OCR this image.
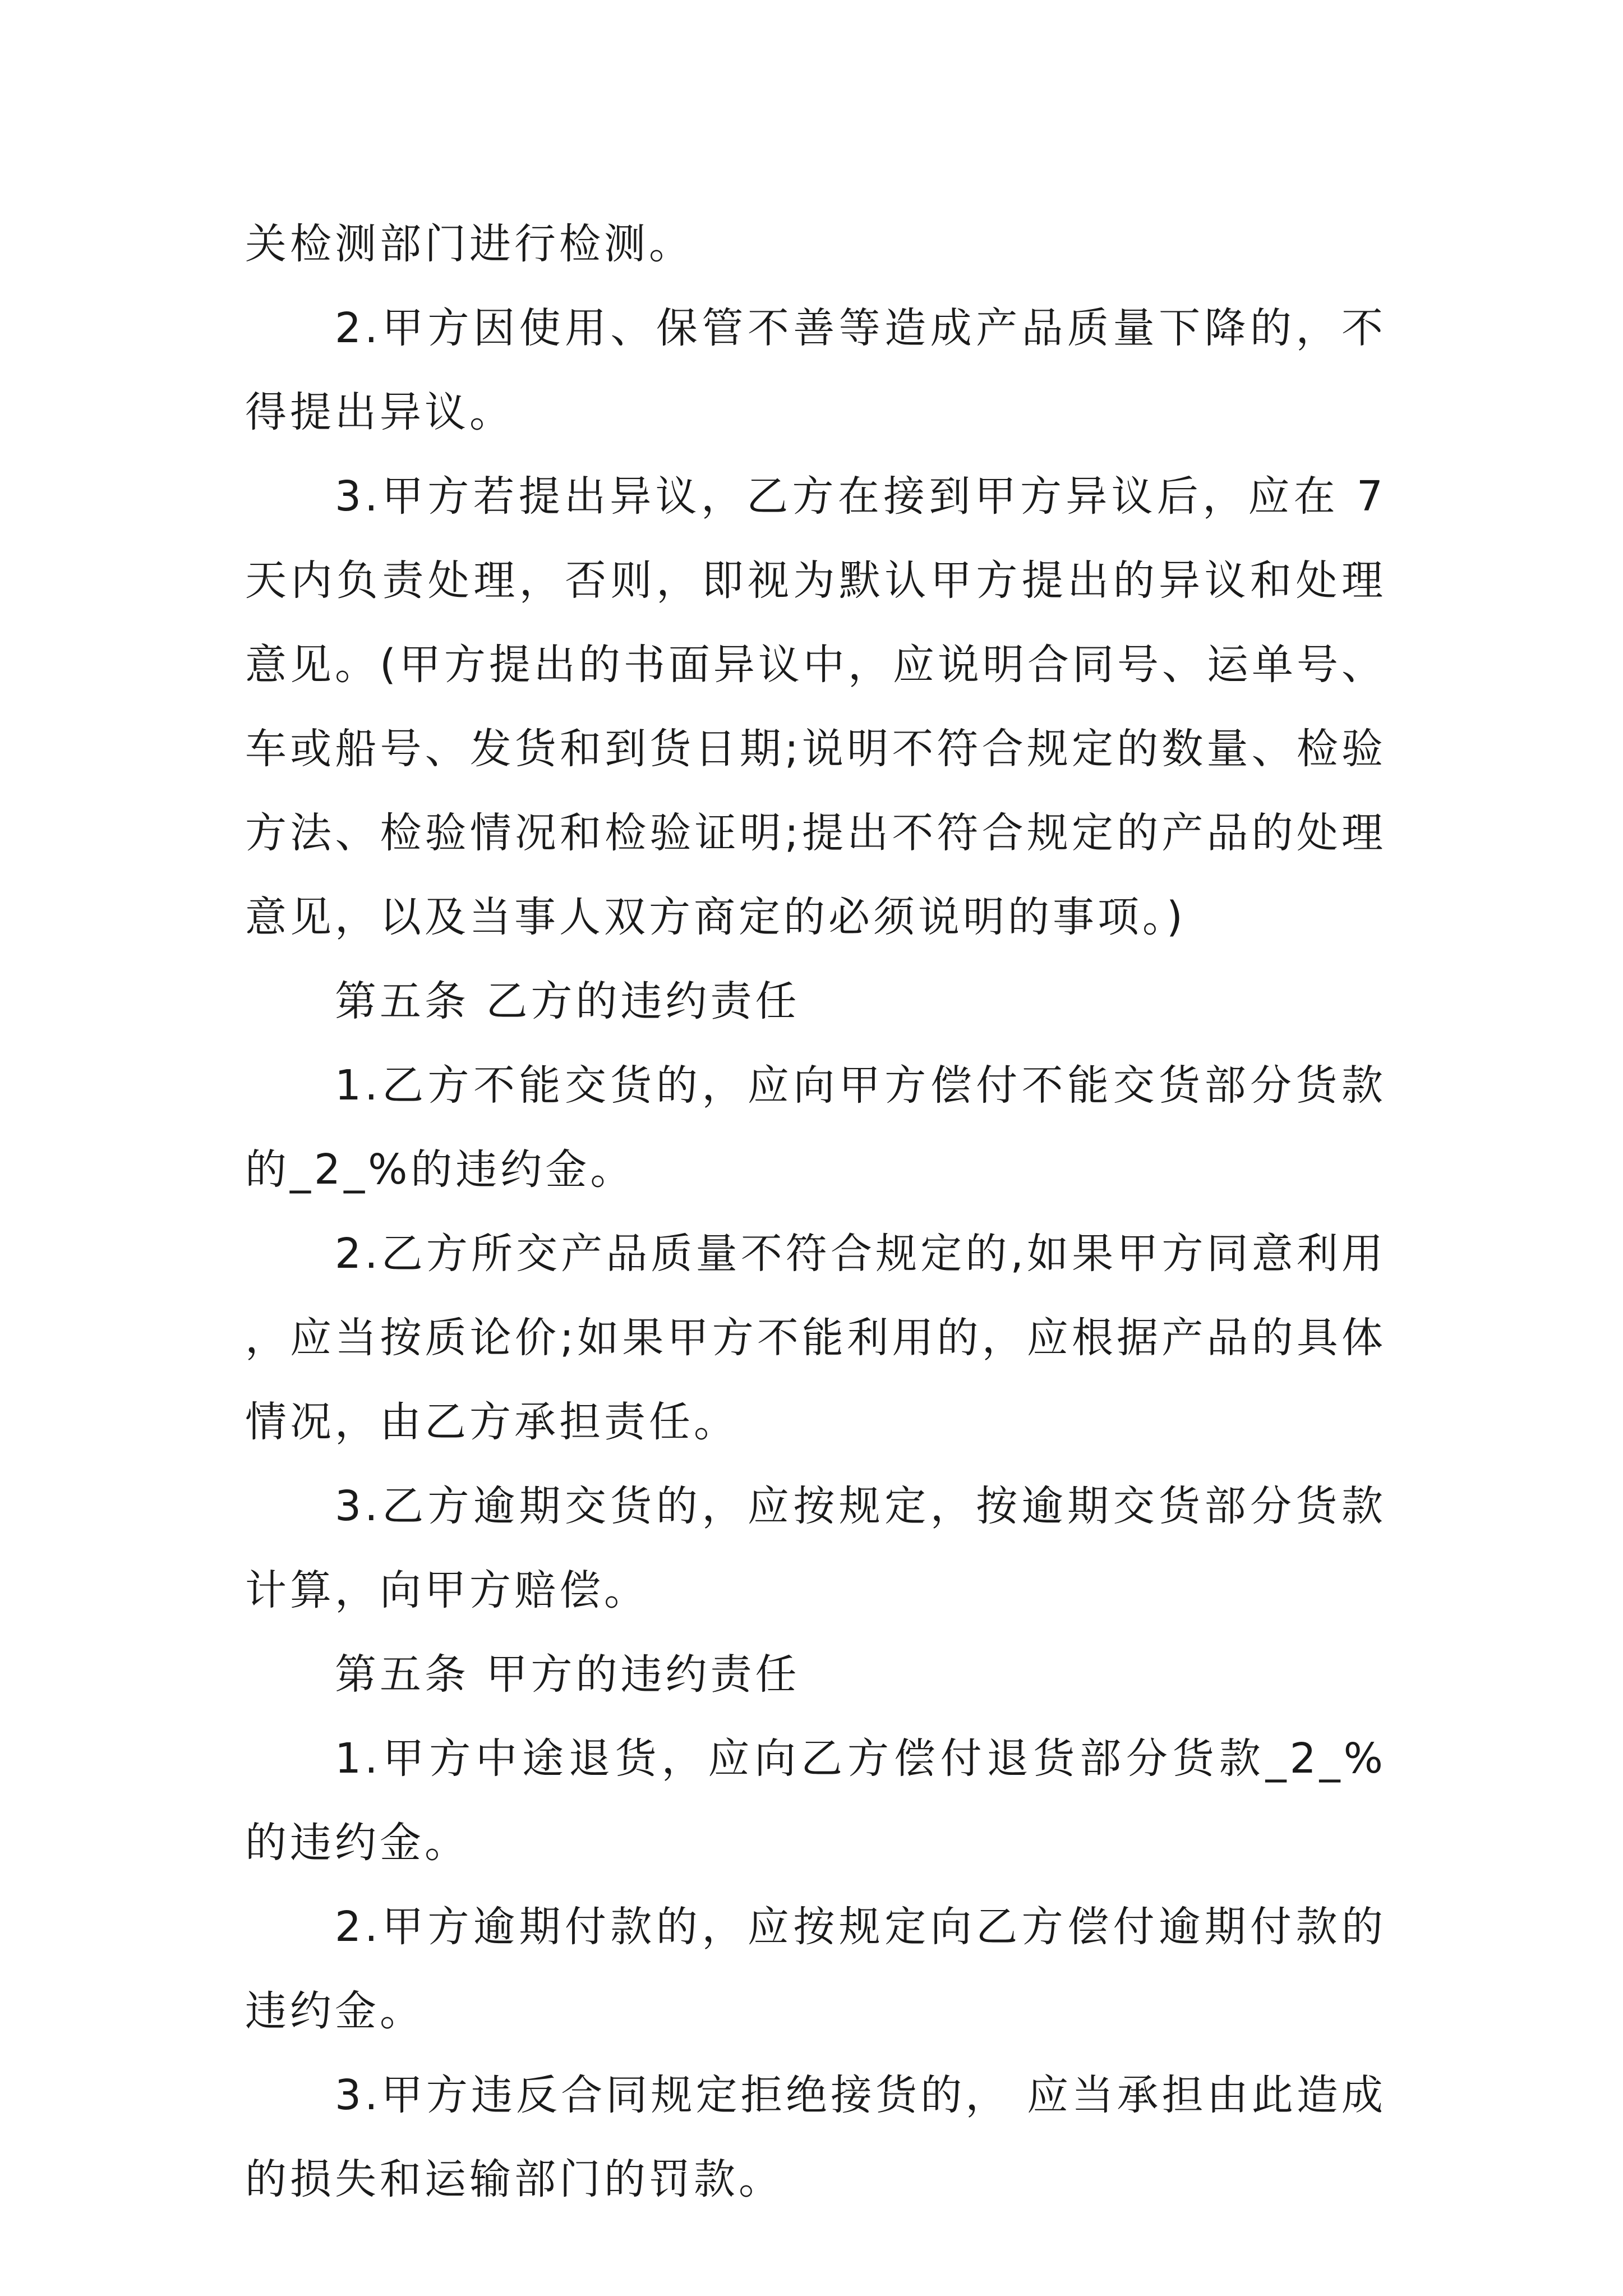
关检测部门进行检测。

2.甲方因使用、保管不善等造成产品质量下降的，不得提出异议。

3.甲方若提出异议，乙方在接到甲方异议后，应在 7天内负责处理，否则，即视为默认甲方提出的异议和处理意见。(甲方提出的书面异议中，应说明合同号、运单号、车或船号、发货和到货日期;说明不符合规定的数量、检验方法、检验情况和检验证明;提出不符合规定的产品的处理意见，以及当事人双方商定的必须说明的事项。)

第五条 乙方的违约责任

1.乙方不能交货的，应向甲方偿付不能交货部分货款的_2_%的违约金。

2.乙方所交产品质量不符合规定的,如果甲方同意利用，应当按质论价;如果甲方不能利用的，应根据产品的具体情况，由乙方承担责任。

3.乙方逾期交货的，应按规定，按逾期交货部分货款计算，向甲方赔偿。

第五条 甲方的违约责任

1.甲方中途退货，应向乙方偿付退货部分货款_2_%的违约金。

2.甲方逾期付款的，应按规定向乙方偿付逾期付款的违约金。

3.甲方违反合同规定拒绝接货的， 应当承担由此造成的损失和运输部门的罚款。
